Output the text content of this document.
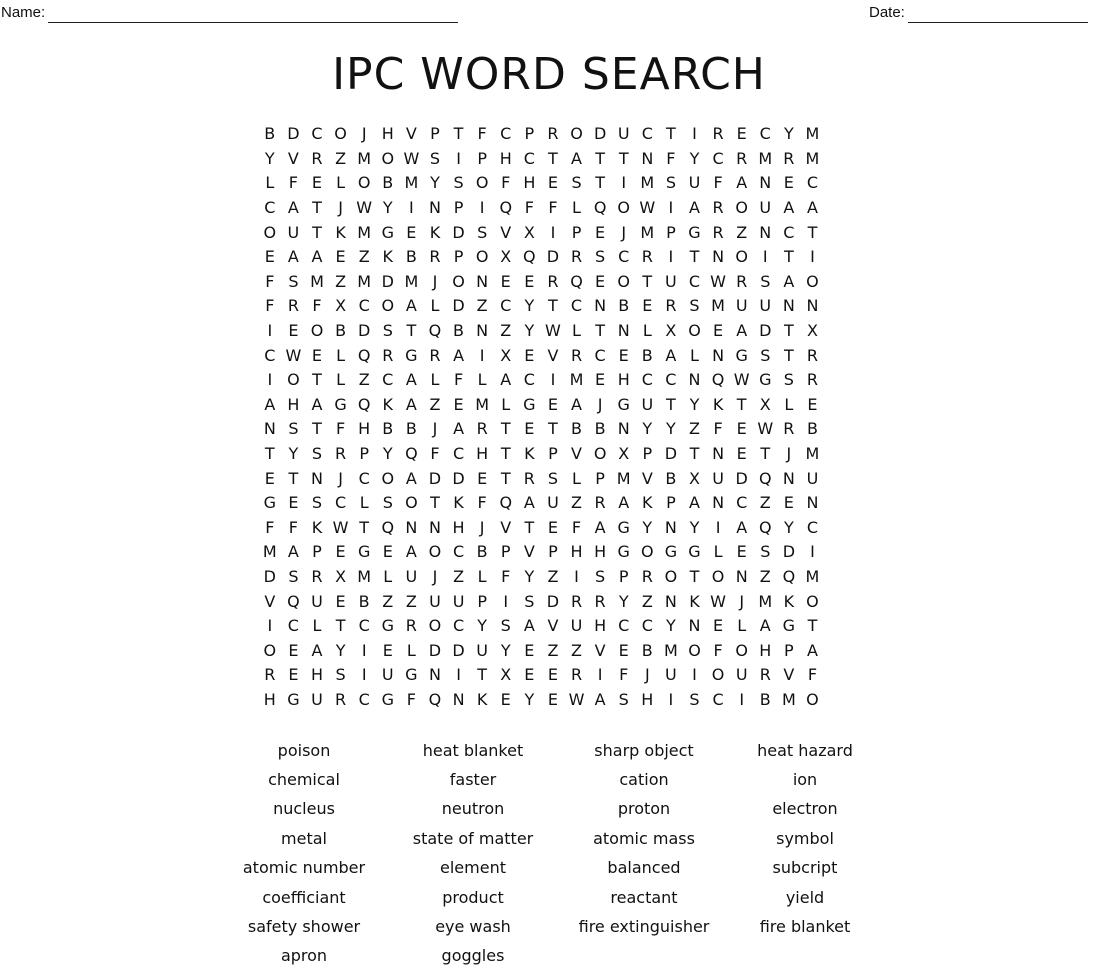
Name:	Date:
IPC WORD SEARCH
B D C O J H V P T F C P R O D U C T	I R E C Y M
Y V R Z M O W S	I	P H C T A T T N F Y C R M R M
L F E L O B M Y S O F H E S T	I M S U F A N E C
C A T	J W Y	I N P	I Q F F L Q O W I A R O U A A
O U T K M G E K D S V X I	P E	J M P G R Z N C T
E A A E Z K B R P O X Q D R S C R I	T N O I	T	I
F S M Z M D M J O N E E R Q E O T U C W R S A O
F R F X C O A L D Z C Y T C N B E R S M U U N N
I	E O B D S T Q B N Z Y W L T N L X O E A D T X
C W E L Q R G R A I X E V R C E B A L N G S T R
I O T L Z C A L F L A C I M E H C C N Q W G S R
A H A G Q K A Z E M L G E A J G U T Y K T X L E
N S T F H B B J A R T E T B B N Y Y Z F E W R B
T Y S R P Y Q F C H T K P V O X P D T N E T	J M
E T N J C O A D D E T R S L P M V B X U D Q N U
G E S C L S O T K F Q A U Z R A K P A N C Z E N
F F K W T Q N N H J V T E F A G Y N Y	I A Q Y C
M A P E G E A O C B P V P H H G O G G L E S D I
D S R X M L U J Z L F Y Z I	S P R O T O N Z Q M
V Q U E B Z Z U U P	I	S D R R Y Z N K W J M K O
I C L T C G R O C Y S A V U H C C Y N E L A G T
O E A Y	I	E L D D U Y E Z Z V E B M O F O H P A
R E H S	I U G N I	T X E E R I	F	J U I O U R V F
H G U R C G F Q N K E Y E W A S H I	S C I B M O
poison	heat blanket	sharp object	heat hazard
chemical	faster	cation	ion
nucleus	neutron	proton	electron
metal	state of matter	atomic mass	symbol
atomic number	element	balanced	subcript
coefficiant	product	reactant	yield
safety shower	eye wash	fire extinguisher	fire blanket
apron	goggles
